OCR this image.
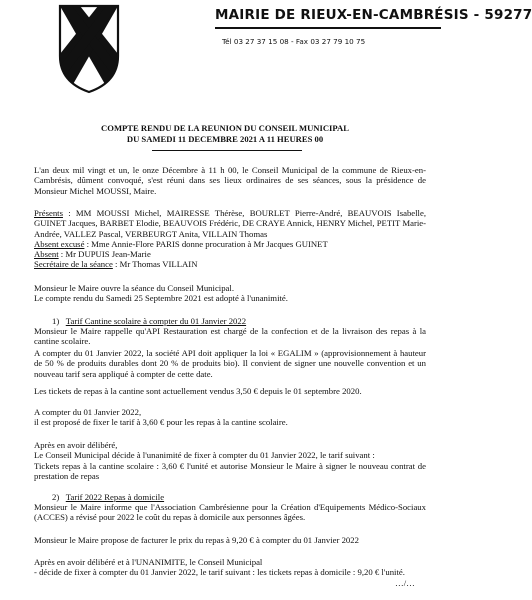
MAIRIE DE RIEUX-EN-CAMBRÉSIS - 59277
Tél 03 27 37 15 08 - Fax 03 27 79 10 75
COMPTE RENDU DE LA REUNION DU CONSEIL MUNICIPAL
DU SAMEDI 11 DECEMBRE 2021 A 11 HEURES 00

L'an deux mil vingt et un, le onze Décembre à 11 h 00, le Conseil Municipal de la commune de Rieux-en-Cambrésis, dûment convoqué, s'est réuni dans ses lieux ordinaires de ses séances, sous la présidence de Monsieur Michel MOUSSI, Maire.

Présents : MM MOUSSI Michel, MAIRESSE Thérèse, BOURLET Pierre-André, BEAUVOIS Isabelle, GUINET Jacques, BARBET Elodie, BEAUVOIS Frédéric, DE CRAYE Annick, HENRY Michel, PETIT Marie-Andrée, VALLEZ Pascal, VERBEURGT Anita, VILLAIN Thomas

Absent excusé : Mme Annie-Flore PARIS donne procuration à Mr Jacques GUINET

Absent : Mr DUPUIS Jean-Marie

Secrétaire de la séance : Mr Thomas VILLAIN

Monsieur le Maire ouvre la séance du Conseil Municipal.

Le compte rendu du Samedi 25 Septembre 2021 est adopté à l'unanimité.

1) Tarif Cantine scolaire à compter du 01 Janvier 2022

Monsieur le Maire rappelle qu'API Restauration est chargé de la confection et de la livraison des repas à la cantine scolaire.

A compter du 01 Janvier 2022, la société API doit appliquer la loi « EGALIM » (approvisionnement à hauteur de 50 % de produits durables dont 20 % de produits bio). Il convient de signer une nouvelle convention et un nouveau tarif sera appliqué à compter de cette date.

Les tickets de repas à la cantine sont actuellement vendus 3,50 € depuis le 01 septembre 2020.

A compter du 01 Janvier 2022,

il est proposé de fixer le tarif à 3,60 € pour les repas à la cantine scolaire.

Après en avoir délibéré,

Le Conseil Municipal décide à l'unanimité de fixer à compter du 01 Janvier 2022, le tarif suivant :

Tickets repas à la cantine scolaire : 3,60 € l'unité et autorise Monsieur le Maire à signer le nouveau contrat de prestation de repas

2) Tarif 2022 Repas à domicile

Monsieur le Maire informe que l'Association Cambrésienne pour la Création d'Equipements Médico-Sociaux (ACCES) a révisé pour 2022 le coût du repas à domicile aux personnes âgées.

Monsieur le Maire propose de facturer le prix du repas à 9,20 € à compter du 01 Janvier 2022

Après en avoir délibéré et à l'UNANIMITE, le Conseil Municipal

- décide de fixer à compter du 01 Janvier 2022, le tarif suivant : les tickets repas à domicile : 9,20 € l'unité.

…/…
